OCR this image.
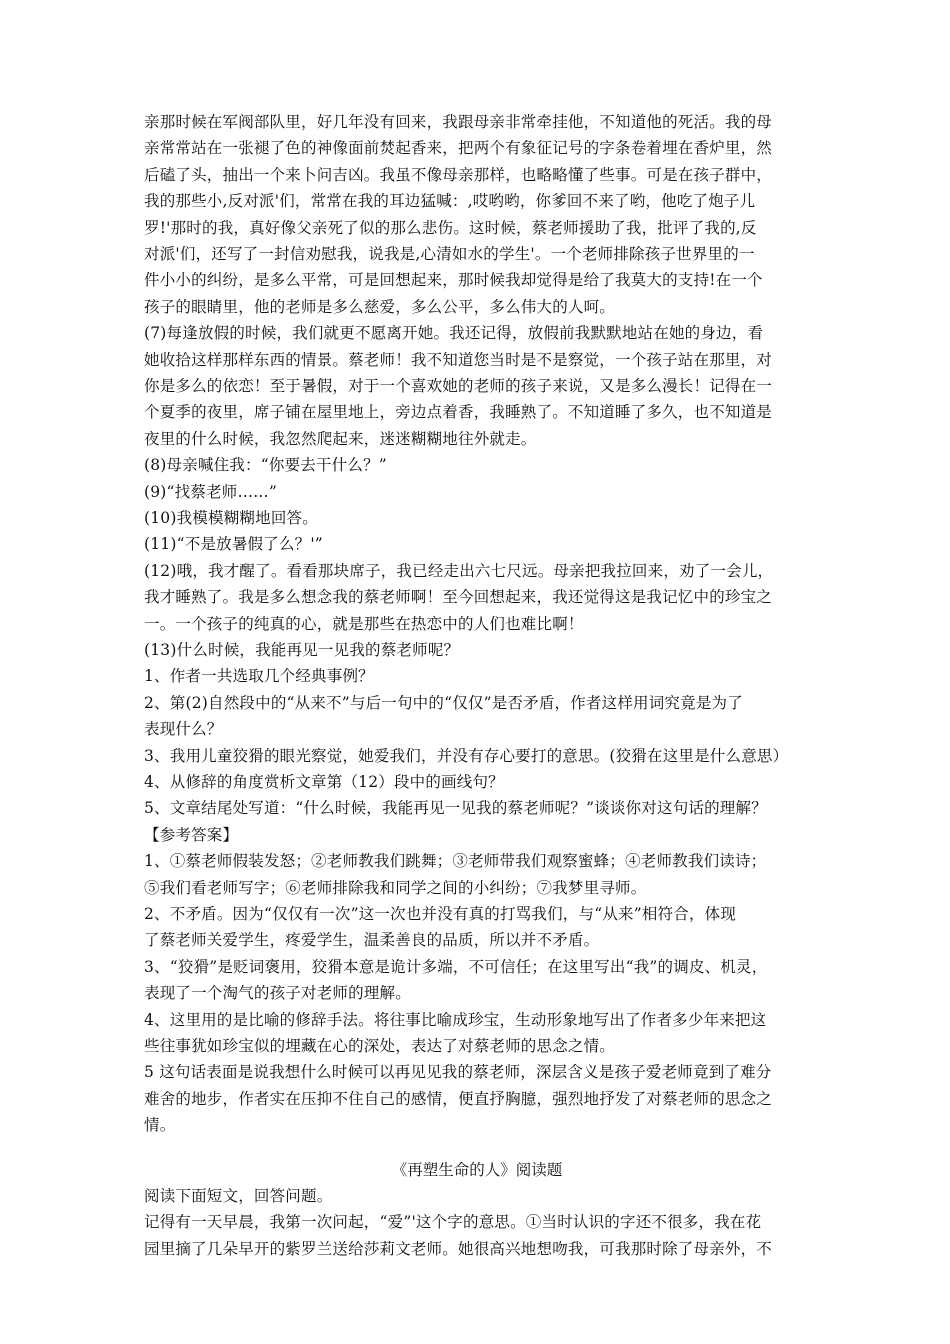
亲那时候在军阀部队里，好几年没有回来，我跟母亲非常牵挂他，不知道他的死活。我的母
亲常常站在一张褪了色的神像面前焚起香来，把两个有象征记号的字条卷着埋在香炉里，然
后磕了头，抽出一个来卜问吉凶。我虽不像母亲那样，也略略懂了些事。可是在孩子群中，
我的那些小,反对派'们，常常在我的耳边猛喊：,哎哟哟，你爹回不来了哟，他吃了炮子儿
罗!'那时的我，真好像父亲死了似的那么悲伤。这时候，蔡老师援助了我，批评了我的,反
对派'们，还写了一封信劝慰我，说我是,心清如水的学生'。一个老师排除孩子世界里的一
件小小的纠纷，是多么平常，可是回想起来，那时候我却觉得是给了我莫大的支持!在一个
孩子的眼睛里，他的老师是多么慈爱，多么公平，多么伟大的人呵。
(7)每逢放假的时候，我们就更不愿离开她。我还记得，放假前我默默地站在她的身边，看
她收拾这样那样东西的情景。蔡老师！我不知道您当时是不是察觉，一个孩子站在那里，对
你是多么的依恋！至于暑假，对于一个喜欢她的老师的孩子来说，又是多么漫长！记得在一
个夏季的夜里，席子铺在屋里地上，旁边点着香，我睡熟了。不知道睡了多久，也不知道是
夜里的什么时候，我忽然爬起来，迷迷糊糊地往外就走。
(8)母亲喊住我：“你要去干什么？”
(9)“找蔡老师……”
(10)我模模糊糊地回答。
(11)“不是放暑假了么？'”
(12)哦，我才醒了。看看那块席子，我已经走出六七尺远。母亲把我拉回来，劝了一会儿，
我才睡熟了。我是多么想念我的蔡老师啊！至今回想起来，我还觉得这是我记忆中的珍宝之
一。一个孩子的纯真的心，就是那些在热恋中的人们也难比啊！
(13)什么时候，我能再见一见我的蔡老师呢？
1、作者一共选取几个经典事例？
2、第(2)自然段中的“从来不”与后一句中的“仅仅”是否矛盾，作者这样用词究竟是为了
表现什么？
3、我用儿童狡猾的眼光察觉，她爱我们，并没有存心要打的意思。(狡猾在这里是什么意思）
4、从修辞的角度赏析文章第（12）段中的画线句？
5、文章结尾处写道：“什么时候，我能再见一见我的蔡老师呢？”谈谈你对这句话的理解？
【参考答案】
1、①蔡老师假装发怒；②老师教我们跳舞；③老师带我们观察蜜蜂；④老师教我们读诗；
⑤我们看老师写字；⑥老师排除我和同学之间的小纠纷；⑦我梦里寻师。
2、不矛盾。因为“仅仅有一次”这一次也并没有真的打骂我们，与“从来”相符合，体现
了蔡老师关爱学生，疼爱学生，温柔善良的品质，所以并不矛盾。
3、“狡猾”是贬词褒用，狡猾本意是诡计多端，不可信任；在这里写出“我”的调皮、机灵，
表现了一个淘气的孩子对老师的理解。
4、这里用的是比喻的修辞手法。将往事比喻成珍宝，生动形象地写出了作者多少年来把这
些往事犹如珍宝似的埋藏在心的深处，表达了对蔡老师的思念之情。
5 这句话表面是说我想什么时候可以再见见我的蔡老师，深层含义是孩子爱老师竟到了难分
难舍的地步，作者实在压抑不住自己的感情，便直抒胸臆，强烈地抒发了对蔡老师的思念之
情。
《再塑生命的人》阅读题
阅读下面短文，回答问题。
记得有一天早晨，我第一次问起，“爱”'这个字的意思。①当时认识的字还不很多，我在花
园里摘了几朵早开的紫罗兰送给莎莉文老师。她很高兴地想吻我，可我那时除了母亲外，不
